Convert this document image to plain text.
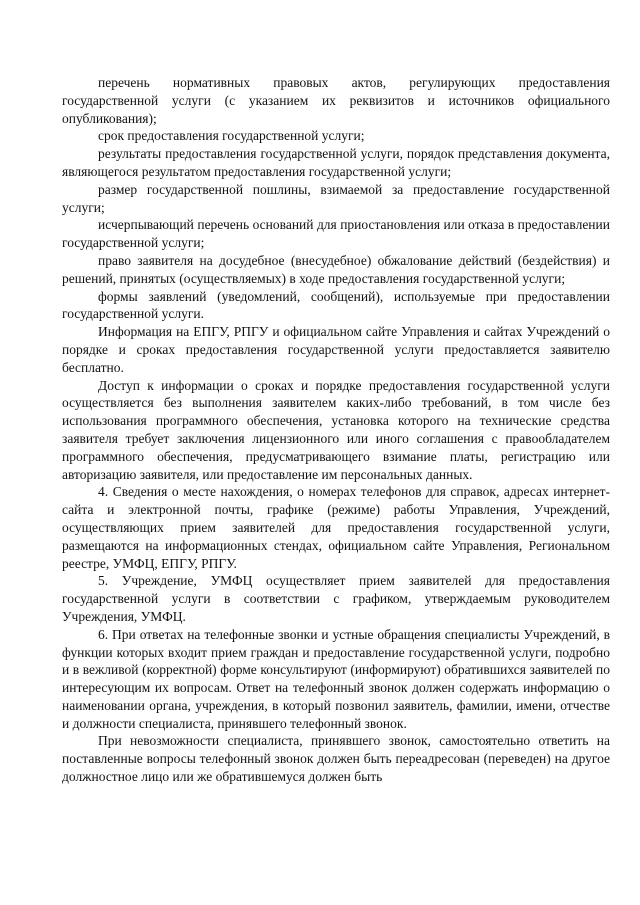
перечень нормативных правовых актов, регулирующих предоставления государственной услуги (с указанием их реквизитов и источников официального опубликования);

срок предоставления государственной услуги;

результаты предоставления государственной услуги, порядок представления документа, являющегося результатом предоставления государственной услуги;

размер государственной пошлины, взимаемой за предоставление государственной услуги;

исчерпывающий перечень оснований для приостановления или отказа в предоставлении государственной услуги;

право заявителя на досудебное (внесудебное) обжалование действий (бездействия) и решений, принятых (осуществляемых) в ходе предоставления государственной услуги;

формы заявлений (уведомлений, сообщений), используемые при предоставлении государственной услуги.

Информация на ЕПГУ, РПГУ и официальном сайте Управления и сайтах Учреждений о порядке и сроках предоставления государственной услуги предоставляется заявителю бесплатно.

Доступ к информации о сроках и порядке предоставления государственной услуги осуществляется без выполнения заявителем каких-либо требований, в том числе без использования программного обеспечения, установка которого на технические средства заявителя требует заключения лицензионного или иного соглашения с правообладателем программного обеспечения, предусматривающего взимание платы, регистрацию или авторизацию заявителя, или предоставление им персональных данных.

4. Сведения о месте нахождения, о номерах телефонов для справок, адресах интернет-сайта и электронной почты, графике (режиме) работы Управления, Учреждений, осуществляющих прием заявителей для предоставления государственной услуги, размещаются на информационных стендах, официальном сайте Управления, Региональном реестре, УМФЦ, ЕПГУ, РПГУ.

5. Учреждение, УМФЦ осуществляет прием заявителей для предоставления государственной услуги в соответствии с графиком, утверждаемым руководителем Учреждения, УМФЦ.

6. При ответах на телефонные звонки и устные обращения специалисты Учреждений, в функции которых входит прием граждан и предоставление государственной услуги, подробно и в вежливой (корректной) форме консультируют (информируют) обратившихся заявителей по интересующим их вопросам. Ответ на телефонный звонок должен содержать информацию о наименовании органа, учреждения, в который позвонил заявитель, фамилии, имени, отчестве и должности специалиста, принявшего телефонный звонок.

При невозможности специалиста, принявшего звонок, самостоятельно ответить на поставленные вопросы телефонный звонок должен быть переадресован (переведен) на другое должностное лицо или же обратившемуся должен быть
